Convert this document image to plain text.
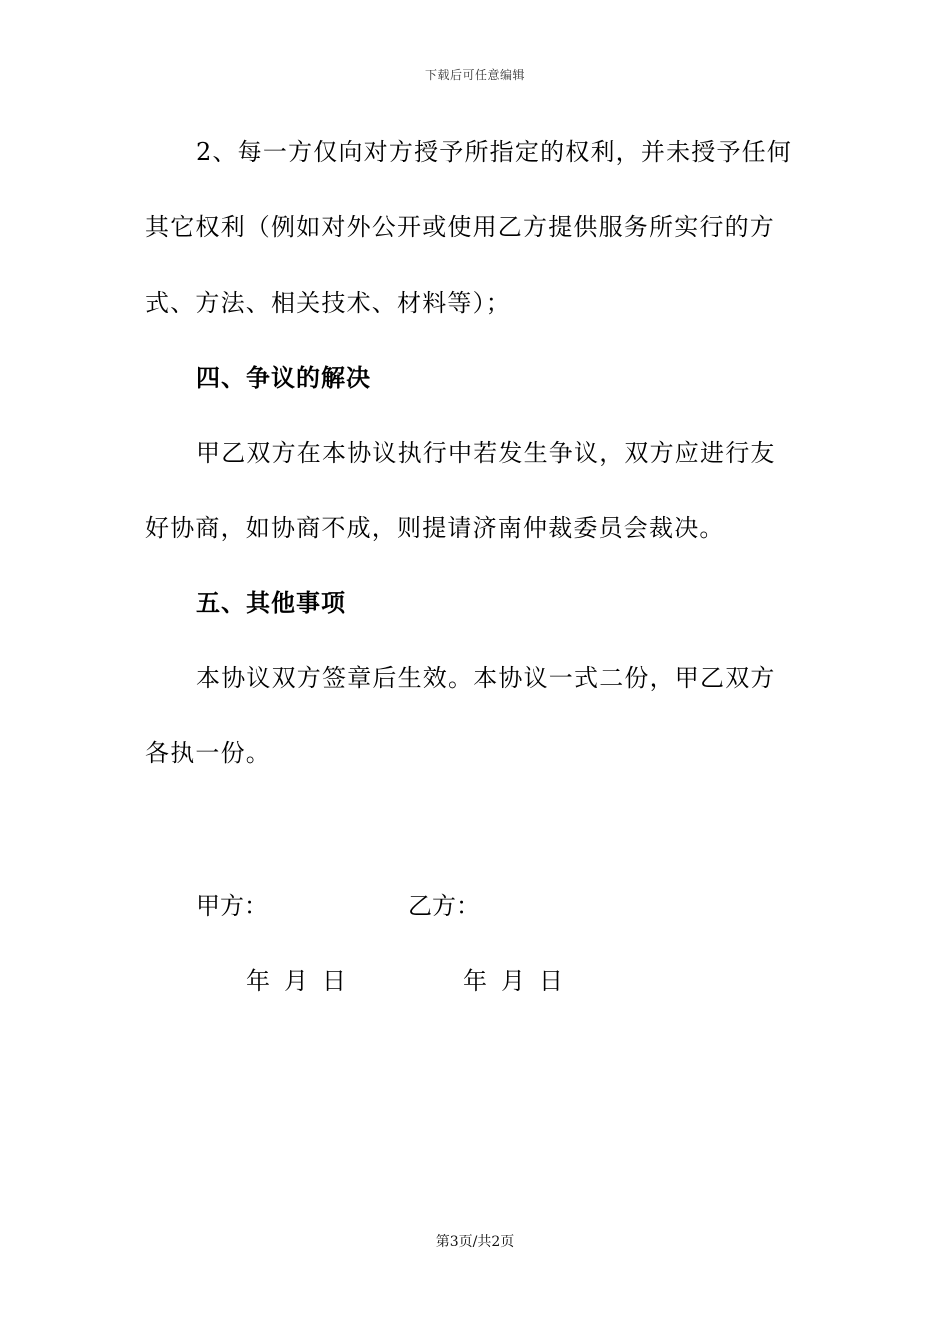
下载后可任意编辑
2、每一方仅向对方授予所指定的权利，并未授予任何
其它权利（例如对外公开或使用乙方提供服务所实行的方
式、方法、相关技术、材料等）；
四、争议的解决
甲乙双方在本协议执行中若发生争议，双方应进行友
好协商，如协商不成，则提请济南仲裁委员会裁决。
五、其他事项
本协议双方签章后生效。本协议一式二份，甲乙双方
各执一份。
甲方：	乙方：
年 月 日	年 月 日
第3页/共2页
